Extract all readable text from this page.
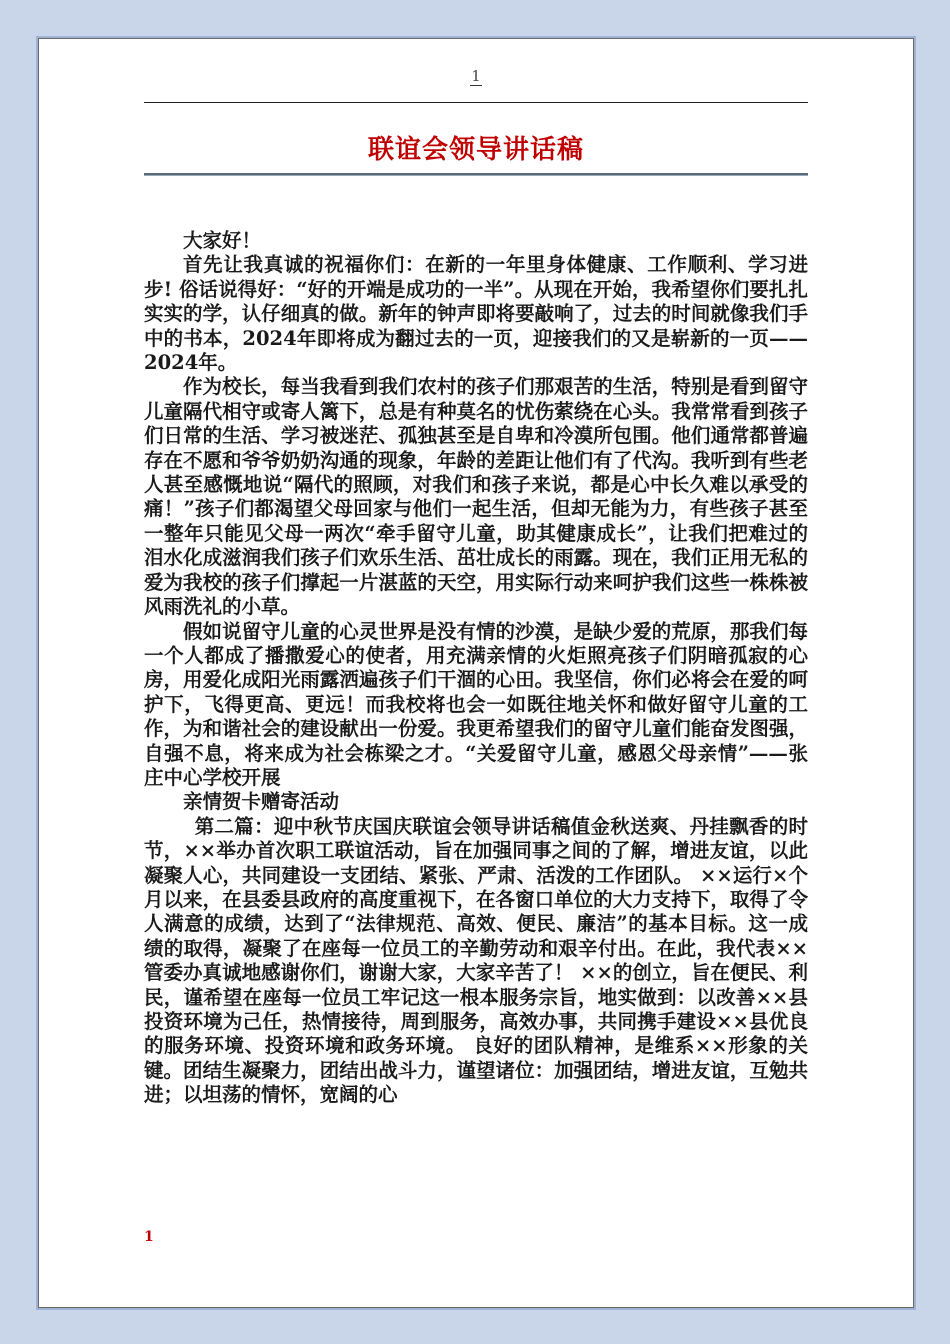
1
联谊会领导讲话稿

大家好！

首先让我真诚的祝福你们：在新的一年里身体健康、工作顺利、学习进步! 俗话说得好：“好的开端是成功的一半”。从现在开始，我希望你们要扎扎实实的学，认仔细真的做。新年的钟声即将要敲响了，过去的时间就像我们手中的书本，2024年即将成为翻过去的一页，迎接我们的又是崭新的一页——2024年。

作为校长，每当我看到我们农村的孩子们那艰苦的生活，特别是看到留守儿童隔代相守或寄人篱下，总是有种莫名的忧伤萦绕在心头。我常常看到孩子们日常的生活、学习被迷茫、孤独甚至是自卑和冷漠所包围。他们通常都普遍存在不愿和爷爷奶奶沟通的现象，年龄的差距让他们有了代沟。我听到有些老人甚至感慨地说“隔代的照顾，对我们和孩子来说，都是心中长久难以承受的痛！”孩子们都渴望父母回家与他们一起生活，但却无能为力，有些孩子甚至一整年只能见父母一两次“牵手留守儿童，助其健康成长”，让我们把难过的泪水化成滋润我们孩子们欢乐生活、茁壮成长的雨露。现在，我们正用无私的爱为我校的孩子们撑起一片湛蓝的天空，用实际行动来呵护我们这些一株株被风雨洗礼的小草。

假如说留守儿童的心灵世界是没有情的沙漠，是缺少爱的荒原，那我们每一个人都成了播撒爱心的使者，用充满亲情的火炬照亮孩子们阴暗孤寂的心房，用爱化成阳光雨露洒遍孩子们干涸的心田。我坚信，你们必将会在爱的呵护下，飞得更高、更远！而我校将也会一如既往地关怀和做好留守儿童的工作，为和谐社会的建设献出一份爱。我更希望我们的留守儿童们能奋发图强，自强不息，将来成为社会栋梁之才。“关爱留守儿童，感恩父母亲情”——张庄中心学校开展

亲情贺卡赠寄活动

第二篇：迎中秋节庆国庆联谊会领导讲话稿值金秋送爽、丹挂飘香的时节，××举办首次职工联谊活动，旨在加强同事之间的了解，增进友谊，以此凝聚人心，共同建设一支团结、紧张、严肃、活泼的工作团队。 ××运行×个月以来，在县委县政府的高度重视下，在各窗口单位的大力支持下，取得了令人满意的成绩，达到了“法律规范、高效、便民、廉洁”的基本目标。这一成绩的取得，凝聚了在座每一位员工的辛勤劳动和艰辛付出。在此，我代表××管委办真诚地感谢你们，谢谢大家，大家辛苦了！ ××的创立，旨在便民、利民，谨希望在座每一位员工牢记这一根本服务宗旨，地实做到：以改善××县投资环境为己任，热情接待，周到服务，高效办事，共同携手建设××县优良的服务环境、投资环境和政务环境。 良好的团队精神，是维系××形象的关键。团结生凝聚力，团结出战斗力，谨望诸位：加强团结，增进友谊，互勉共进；以坦荡的情怀，宽阔的心

1
